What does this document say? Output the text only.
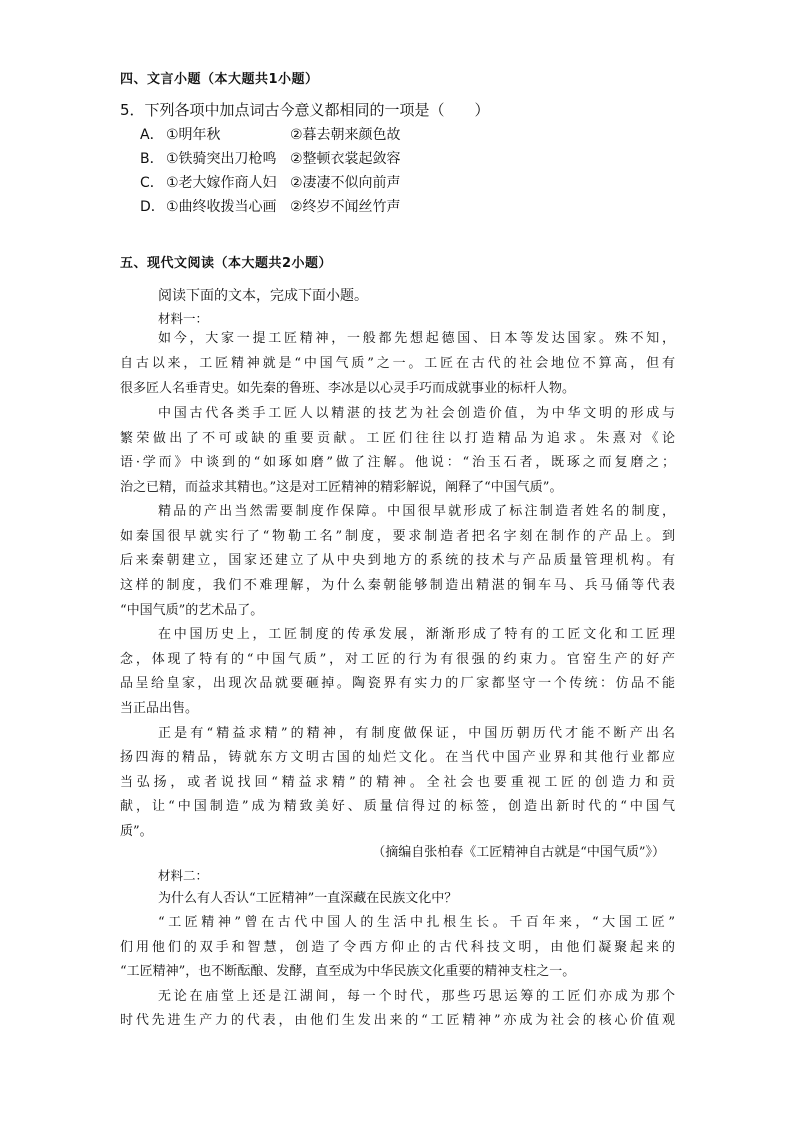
四、文言小题（本大题共1小题）
5．下列各项中加点词古今意义都相同的一项是（　　）
A． ①明年秋	②暮去朝来颜色故
B． ①铁骑突出刀枪鸣 ②整顿衣裳起敛容
C． ①老大嫁作商人妇 ②凄凄不似向前声
D．①曲终收拨当心画 ②终岁不闻丝竹声
五、现代文阅读（本大题共2小题）
阅读下面的文本，完成下面小题。
材料一：
如今，大家一提工匠精神，一般都先想起德国、日本等发达国家。殊不知，
自古以来，工匠精神就是“中国气质”之一。工匠在古代的社会地位不算高，但有
很多匠人名垂青史。如先秦的鲁班、李冰是以心灵手巧而成就事业的标杆人物。
中国古代各类手工匠人以精湛的技艺为社会创造价值，为中华文明的形成与
繁荣做出了不可或缺的重要贡献。工匠们往往以打造精品为追求。朱熹对《论
语·学而》中谈到的“如琢如磨”做了注解。他说：“治玉石者，既琢之而复磨之；
治之已精，而益求其精也。”这是对工匠精神的精彩解说，阐释了“中国气质”。
精品的产出当然需要制度作保障。中国很早就形成了标注制造者姓名的制度，
如秦国很早就实行了“物勒工名”制度，要求制造者把名字刻在制作的产品上。到
后来秦朝建立，国家还建立了从中央到地方的系统的技术与产品质量管理机构。有
这样的制度，我们不难理解，为什么秦朝能够制造出精湛的铜车马、兵马俑等代表
“中国气质”的艺术品了。
在中国历史上，工匠制度的传承发展，渐渐形成了特有的工匠文化和工匠理
念，体现了特有的“中国气质”，对工匠的行为有很强的约束力。官窑生产的好产
品呈给皇家，出现次品就要砸掉。陶瓷界有实力的厂家都坚守一个传统：仿品不能
当正品出售。
正是有“精益求精”的精神，有制度做保证，中国历朝历代才能不断产出名
扬四海的精品，铸就东方文明古国的灿烂文化。在当代中国产业界和其他行业都应
当弘扬，或者说找回“精益求精”的精神。全社会也要重视工匠的创造力和贡
献，让“中国制造”成为精致美好、质量信得过的标签，创造出新时代的“中国气
质”。
（摘编自张柏春《工匠精神自古就是“中国气质”》）
材料二：
为什么有人否认“工匠精神”一直深藏在民族文化中？
“工匠精神”曾在古代中国人的生活中扎根生长。千百年来，“大国工匠”
们用他们的双手和智慧，创造了令西方仰止的古代科技文明，由他们凝聚起来的
“工匠精神”，也不断酝酿、发酵，直至成为中华民族文化重要的精神支柱之一。
无论在庙堂上还是江湖间，每一个时代，那些巧思运筹的工匠们亦成为那个
时代先进生产力的代表，由他们生发出来的“工匠精神”亦成为社会的核心价值观
